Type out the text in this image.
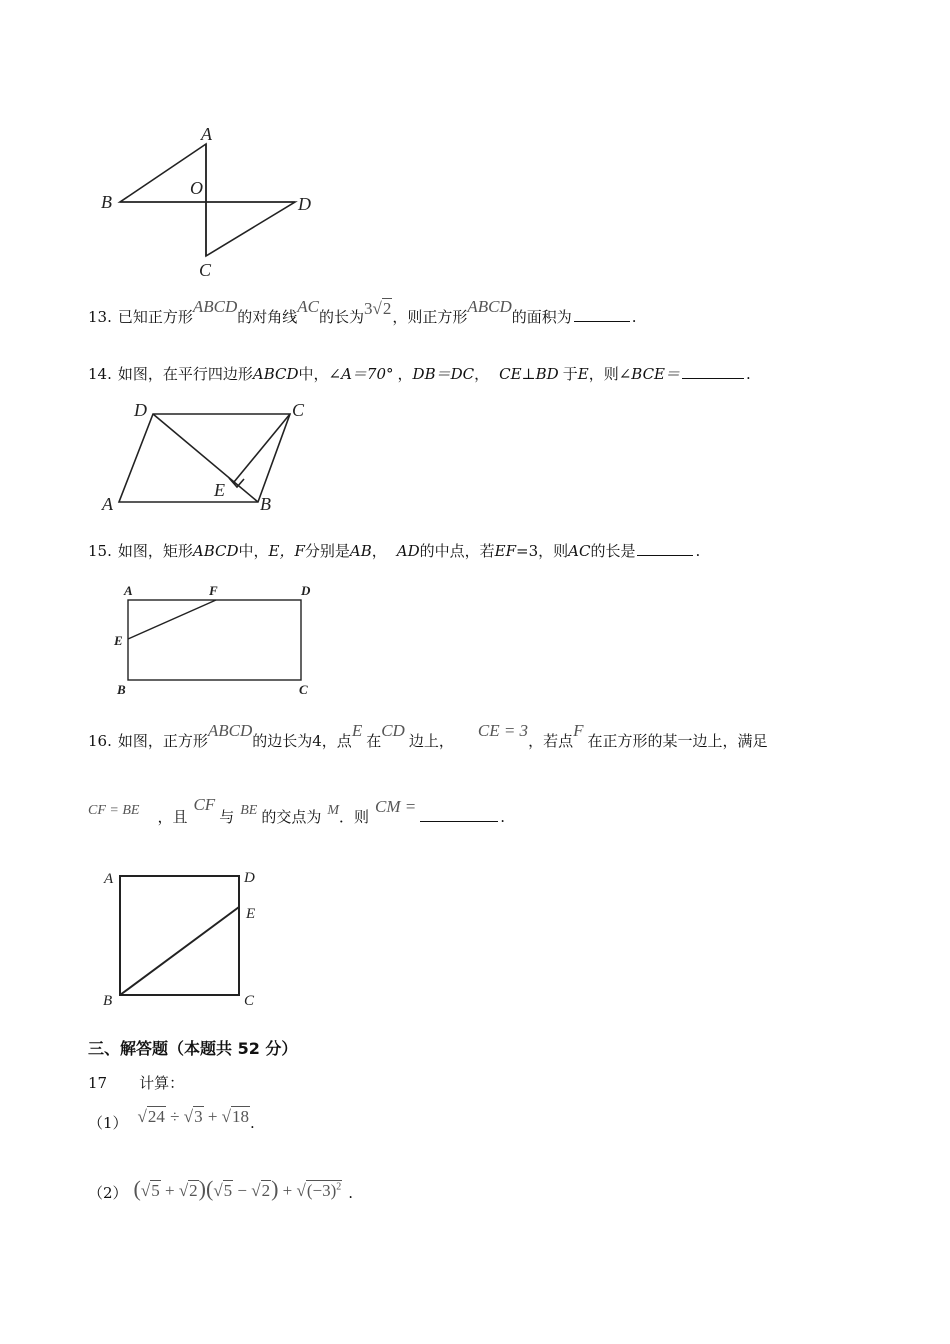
A
B
C
D
O
13. 已知正方形
ABCD
的对角线
AC
的长为 3√2 ，则正方形
ABCD
的面积为	.
14. 如图，在平行四边形 ABCD 中， ∠A＝70° ， DB＝DC ， CE⊥BD 于 E ，则 ∠BCE＝	.
D	C
A	B
E
15. 如图，矩形 ABCD 中， E，F 分别是 AB ， AD 的中点，若 EF =3，则 AC 的长是	.
A	F	D
E
B	C
16. 如图，正方形
ABCD
的边长为4，点
E
在
CD
边上，
CE = 3
，若点
F
在正方形的某一边上，满足
CF = BE ，且
CF
与 BE 的交点为 M ．则
CM =
.
A	D
E
B	C
三、解答题（本题共 52 分）
17 计算：
（1） √24 ÷ √3 + √18 .
（2） $(√5 + √2)(√5 - √2) + √(-3)^2$ .
